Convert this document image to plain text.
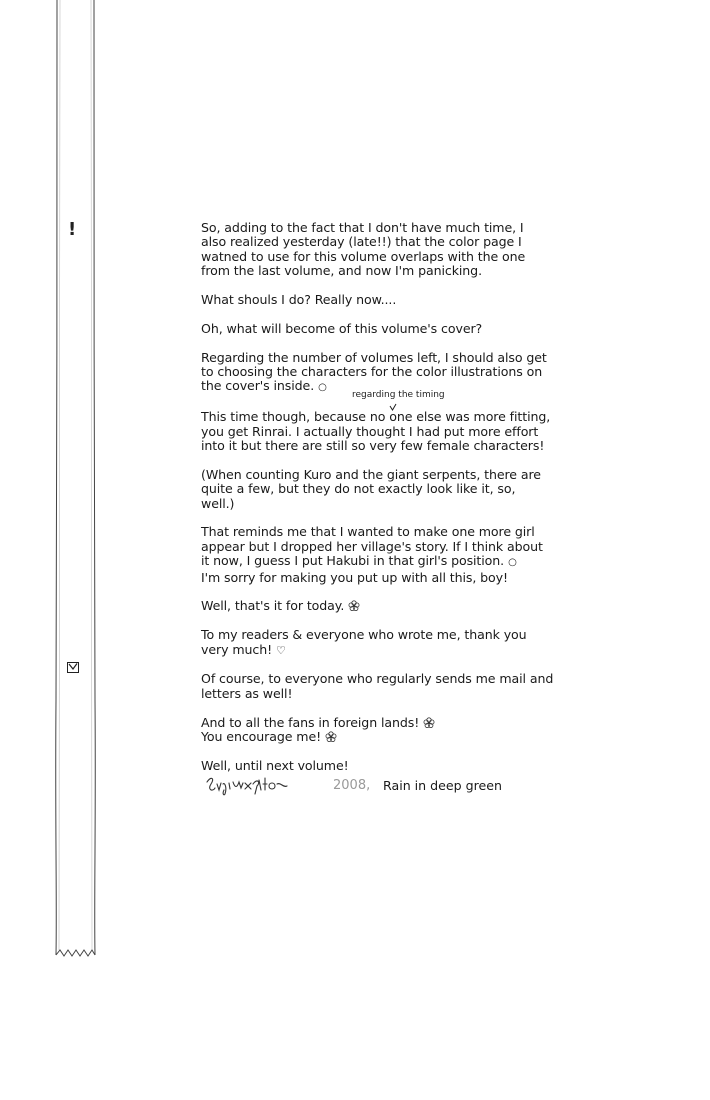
!	So, adding to the fact that I don't have much time, I
also realized yesterday (late!!) that the color page I
watned to use for this volume overlaps with the one
from the last volume, and now I'm panicking.

What shouls I do? Really now....

Oh, what will become of this volume's cover?

Regarding the number of volumes left, I should also get
to choosing the characters for the color illustrations on
the cover's inside. ○

This time though, because no one else was more fitting,
you get Rinrai. I actually thought I had put more effort
into it but there are still so very few female characters!

(When counting Kuro and the giant serpents, there are
quite a few, but they do not exactly look like it, so,
well.)

That reminds me that I wanted to make one more girl
appear but I dropped her village's story. If I think about
it now, I guess I put Hakubi in that girl's position. ○
I'm sorry for making you put up with all this, boy!

Well, that's it for today.

To my readers & everyone who wrote me, thank you
very much! ♡

Of course, to everyone who regularly sends me mail and
letters as well!

And to all the fans in foreign lands!
You encourage me!

Well, until next volume!

regarding the timing
2008, Rain in deep green
